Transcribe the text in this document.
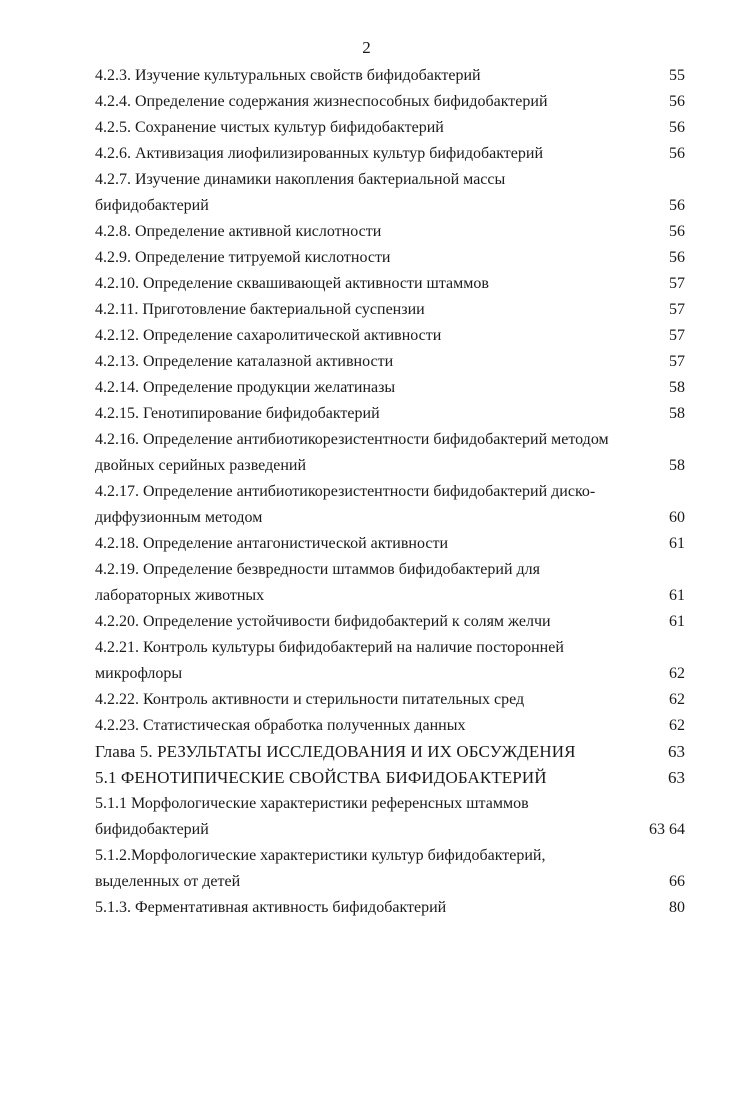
2
4.2.3. Изучение культуральных свойств бифидобактерий	55
4.2.4. Определение содержания жизнеспособных бифидобактерий	56
4.2.5. Сохранение чистых культур бифидобактерий	56
4.2.6. Активизация лиофилизированных культур бифидобактерий	56
4.2.7. Изучение динамики накопления бактериальной массы бифидобактерий	56
4.2.8. Определение активной кислотности	56
4.2.9. Определение титруемой кислотности	56
4.2.10. Определение сквашивающей активности штаммов	57
4.2.11. Приготовление бактериальной суспензии	57
4.2.12. Определение сахаролитической активности	57
4.2.13. Определение каталазной активности	57
4.2.14. Определение продукции желатиназы	58
4.2.15. Генотипирование бифидобактерий	58
4.2.16. Определение антибиотикорезистентности бифидобактерий методом двойных серийных разведений	58
4.2.17. Определение антибиотикорезистентности бифидобактерий диско-диффузионным методом	60
4.2.18. Определение антагонистической активности	61
4.2.19. Определение безвредности штаммов бифидобактерий для лабораторных животных	61
4.2.20. Определение устойчивости бифидобактерий к солям желчи	61
4.2.21. Контроль культуры бифидобактерий на наличие посторонней микрофлоры	62
4.2.22. Контроль активности и стерильности питательных сред	62
4.2.23. Статистическая обработка полученных данных	62
Глава 5. РЕЗУЛЬТАТЫ ИССЛЕДОВАНИЯ И ИХ ОБСУЖДЕНИЯ	63
5.1 ФЕНОТИПИЧЕСКИЕ СВОЙСТВА БИФИДОБАКТЕРИЙ	63
5.1.1 Морфологические характеристики референсных штаммов бифидобактерий	63 64
5.1.2.Морфологические характеристики культур бифидобактерий, выделенных от детей	66
5.1.3. Ферментативная активность бифидобактерий	80
